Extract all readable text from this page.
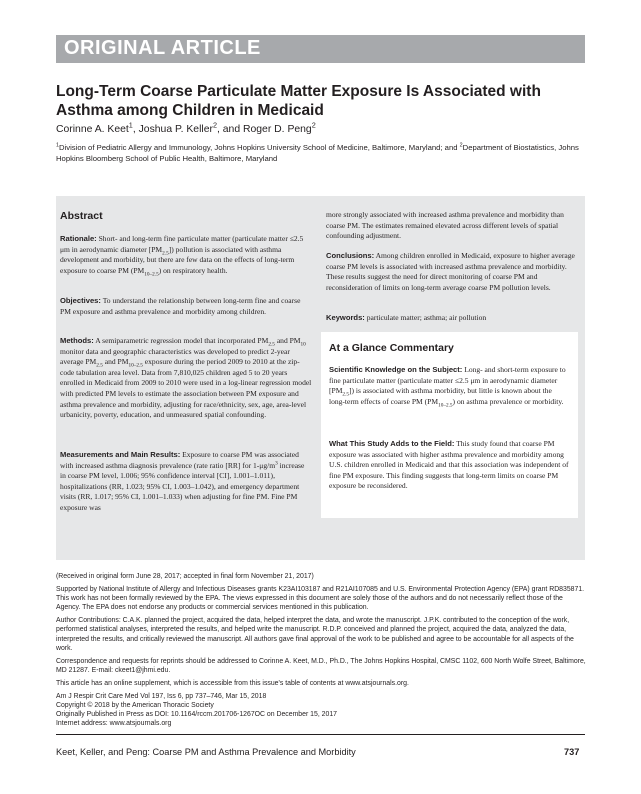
ORIGINAL ARTICLE
Long-Term Coarse Particulate Matter Exposure Is Associated with
Asthma among Children in Medicaid
Corinne A. Keet$^1$, Joshua P. Keller$^2$, and Roger D. Peng$^2$
$^1$Division of Pediatric Allergy and Immunology, Johns Hopkins University School of Medicine, Baltimore, Maryland; and $^2$Department of Biostatistics, Johns Hopkins Bloomberg School of Public Health, Baltimore, Maryland
Abstract
Rationale: Short- and long-term fine particulate matter (particulate matter ≤2.5 μm in aerodynamic diameter $[PM_{2.5}]$) pollution is associated with asthma development and morbidity, but there are few data on the effects of long-term exposure to coarse PM $(PM_{10-2.5})$ on respiratory health.
Objectives: To understand the relationship between long-term fine and coarse PM exposure and asthma prevalence and morbidity among children.
Methods: A semiparametric regression model that incorporated $PM_{2.5}$ and $PM_{10}$ monitor data and geographic characteristics was developed to predict 2-year average $PM_{2.5}$ and $PM_{10-2.5}$ exposure during the period 2009 to 2010 at the zip-code tabulation area level. Data from 7,810,025 children aged 5 to 20 years enrolled in Medicaid from 2009 to 2010 were used in a log-linear regression model with predicted PM levels to estimate the association between PM exposure and asthma prevalence and morbidity, adjusting for race/ethnicity, sex, age, area-level urbanicity, poverty, education, and unmeasured spatial confounding.
Measurements and Main Results: Exposure to coarse PM was associated with increased asthma diagnosis prevalence (rate ratio [RR] for $1-\mu g/m^3$ increase in coarse PM level, 1.006; 95% confidence interval [CI], 1.001–1.011), hospitalizations (RR, 1.023; 95% CI, 1.003–1.042), and emergency department visits (RR, 1.017; 95% CI, 1.001–1.033) when adjusting for fine PM. Fine PM exposure was
more strongly associated with increased asthma prevalence and morbidity than coarse PM. The estimates remained elevated across different levels of spatial confounding adjustment.
Conclusions: Among children enrolled in Medicaid, exposure to higher average coarse PM levels is associated with increased asthma prevalence and morbidity. These results suggest the need for direct monitoring of coarse PM and reconsideration of limits on long-term average coarse PM pollution levels.
Keywords: particulate matter; asthma; air pollution
At a Glance Commentary
Scientific Knowledge on the Subject: Long- and short-term exposure to fine particulate matter (particulate matter ≤2.5 μm in aerodynamic diameter $[PM_{2.5}]$) is associated with asthma morbidity, but little is known about the long-term effects of coarse PM $(PM_{10-2.5})$ on asthma prevalence or morbidity.
What This Study Adds to the Field: This study found that coarse PM exposure was associated with higher asthma prevalence and morbidity among U.S. children enrolled in Medicaid and that this association was independent of fine PM exposure. This finding suggests that long-term limits on coarse PM exposure be reconsidered.

(Received in original form June 28, 2017; accepted in final form November 21, 2017)

Supported by National Institute of Allergy and Infectious Diseases grants K23AI103187 and R21AI107085 and U.S. Environmental Protection Agency (EPA) grant RD835871. This work has not been formally reviewed by the EPA. The views expressed in this document are solely those of the authors and do not necessarily reflect those of the Agency. The EPA does not endorse any products or commercial services mentioned in this publication.

Author Contributions: C.A.K. planned the project, acquired the data, helped interpret the data, and wrote the manuscript. J.P.K. contributed to the conception of the work, performed statistical analyses, interpreted the results, and helped write the manuscript. R.D.P. conceived and planned the project, acquired the data, analyzed the data, interpreted the results, and critically reviewed the manuscript. All authors gave final approval of the work to be published and agree to be accountable for all aspects of the work.

Correspondence and requests for reprints should be addressed to Corinne A. Keet, M.D., Ph.D., The Johns Hopkins Hospital, CMSC 1102, 600 North Wolfe Street, Baltimore, MD 21287. E-mail: ckeet1@jhmi.edu.

This article has an online supplement, which is accessible from this issue's table of contents at www.atsjournals.org.

Am J Respir Crit Care Med Vol 197, Iss 6, pp 737–746, Mar 15, 2018
Copyright © 2018 by the American Thoracic Society
Originally Published in Press as DOI: 10.1164/rccm.201706-1267OC on December 15, 2017
Internet address: www.atsjournals.org
Keet, Keller, and Peng: Coarse PM and Asthma Prevalence and Morbidity	737
